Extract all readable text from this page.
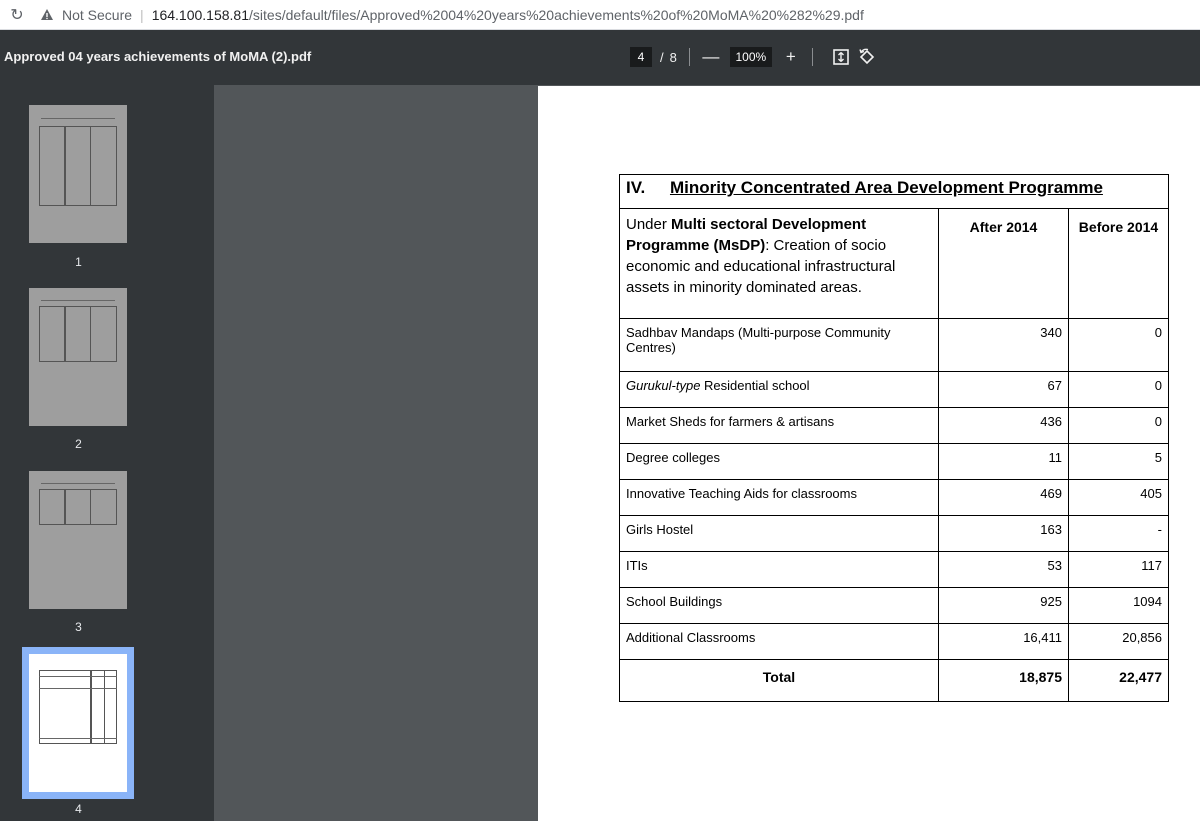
↻	Not Secure | 164.100.158.81 /sites/default/files/Approved%2004%20years%20achievements%20of%20MoMA%20%282%29.pdf
Approved 04 years achievements of MoMA (2).pdf	4	/ 8 —	100%	+
1
2
3
4
IV. Minority Concentrated Area Development Programme		
Under Multi sectoral Development Programme (MsDP): Creation of socio economic and educational infrastructural assets in minority dominated areas.	After 2014	Before 2014
Sadhbav Mandaps (Multi-purpose Community Centres)	340	0
Gurukul-type Residential school	67	0
Market Sheds for farmers & artisans	436	0
Degree colleges	11	5
Innovative Teaching Aids for classrooms	469	405
Girls Hostel	163	-
ITIs	53	117
School Buildings	925	1094
Additional Classrooms	16,411	20,856
Total	18,875	22,477
